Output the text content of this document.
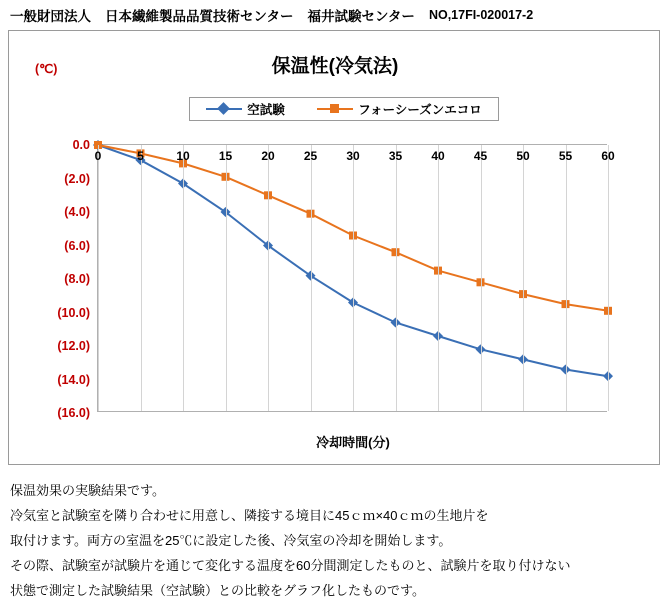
一般財団法人 日本繊維製品品質技術センター 福井試験センター NO,17FI-020017-2
(℃)	保温性(冷気法)
空試験	フォーシーズンエコロ
冷却時間(分)
0	5	10 15 20 25 30 35 40 45 50 55 60
0.0
(2.0)
(4.0)
(6.0)
(8.0)
(10.0)
(12.0)
(14.0)
(16.0)

保温効果の実験結果です。

冷気室と試験室を隣り合わせに用意し、隣接する境目に45ｃｍ×40ｃｍの生地片を

取付けます。両方の室温を25℃に設定した後、冷気室の冷却を開始します。

その際、試験室が試験片を通じて変化する温度を60分間測定したものと、試験片を取り付けない

状態で測定した試験結果（空試験）との比較をグラフ化したものです。
